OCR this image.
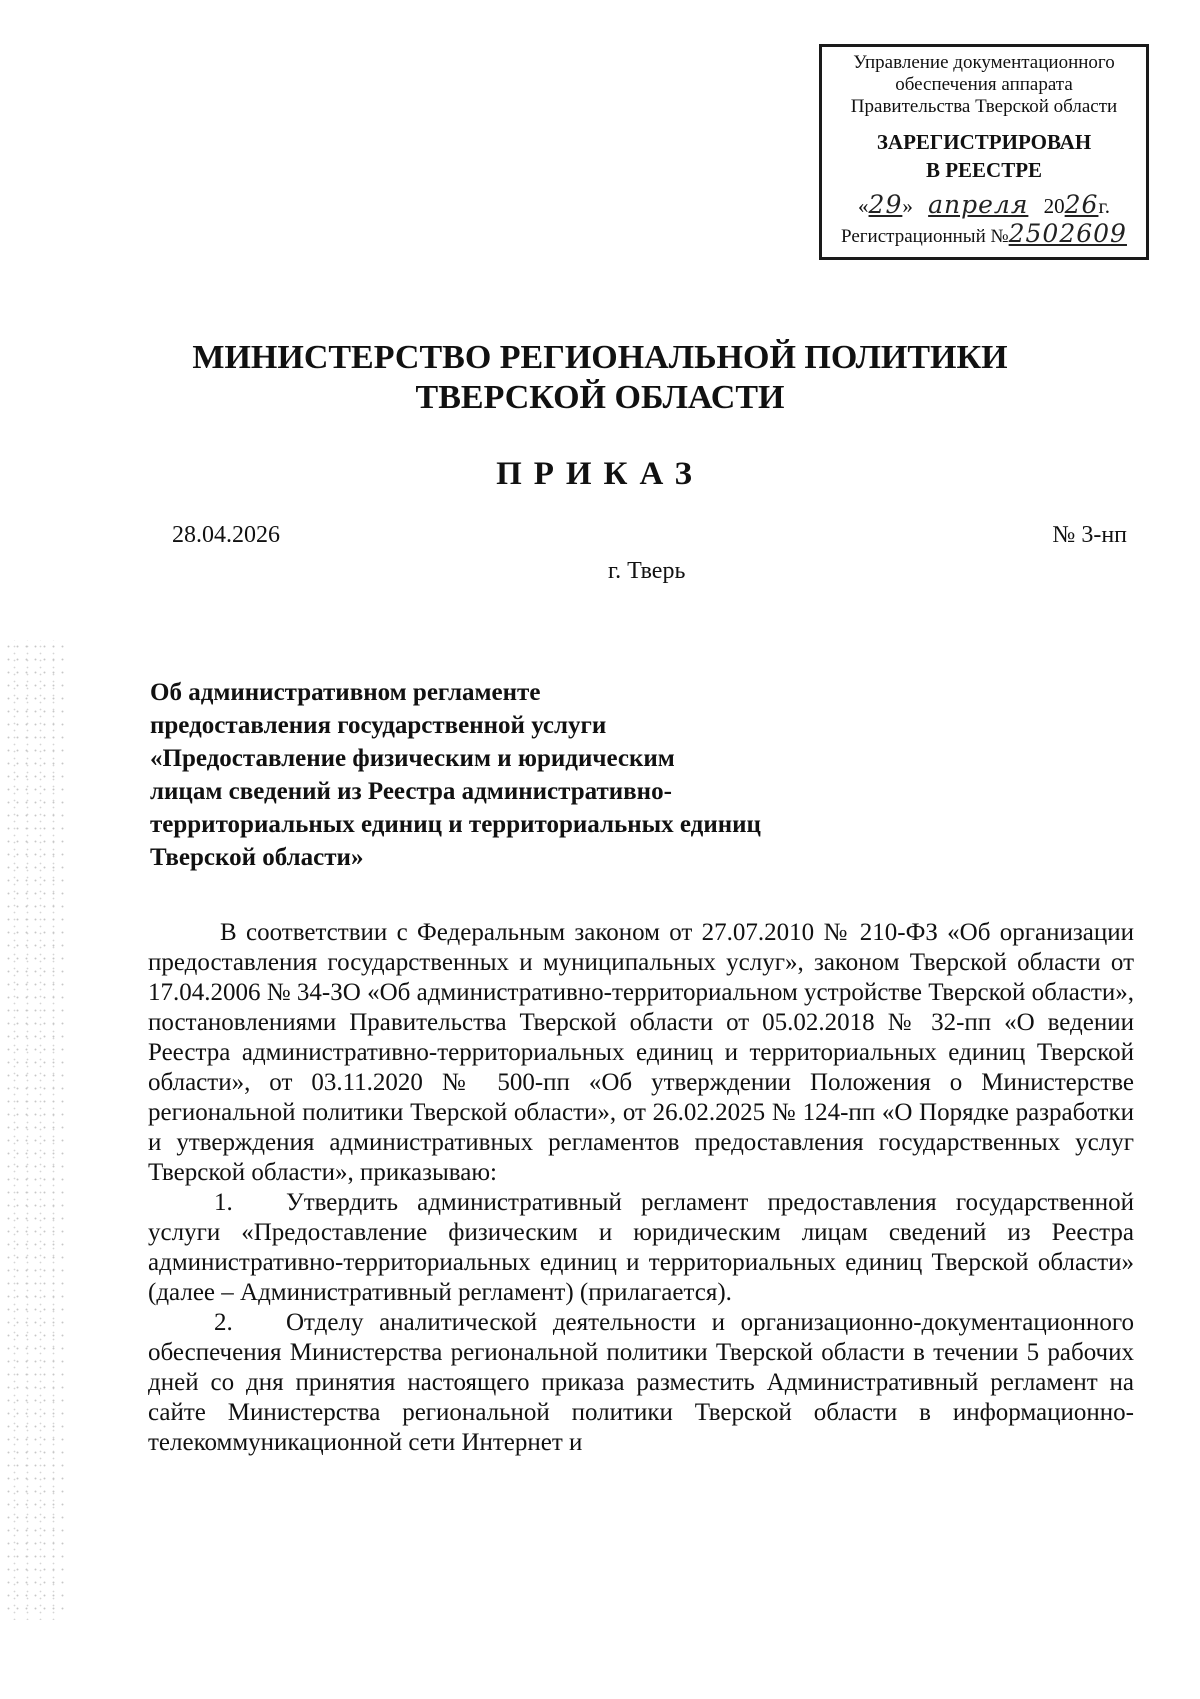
Управление документационного
обеспечения аппарата
Правительства Тверской области
ЗАРЕГИСТРИРОВАН
В РЕЕСТРЕ
«29» апреля 2026г.
Регистрационный №2502609
МИНИСТЕРСТВО РЕГИОНАЛЬНОЙ ПОЛИТИКИ
ТВЕРСКОЙ ОБЛАСТИ
ПРИКАЗ
28.04.2026	№ 3-нп
г. Тверь
Об административном регламенте
предоставления государственной услуги
«Предоставление физическим и юридическим
лицам сведений из Реестра административно-
территориальных единиц и территориальных единиц
Тверской области»

В соответствии с Федеральным законом от 27.07.2010 № 210-ФЗ «Об организации предоставления государственных и муниципальных услуг», законом Тверской области от 17.04.2006 № 34-ЗО «Об административно-территориальном устройстве Тверской области», постановлениями Правительства Тверской области от 05.02.2018 № 32-пп «О ведении Реестра административно-территориальных единиц и территориальных единиц Тверской области», от 03.11.2020 № 500-пп «Об утверждении Положения о Министерстве региональной политики Тверской области», от 26.02.2025 № 124-пп «О Порядке разработки и утверждения административных регламентов предоставления государственных услуг Тверской области», приказываю:

1. Утвердить административный регламент предоставления государственной услуги «Предоставление физическим и юридическим лицам сведений из Реестра административно-территориальных единиц и территориальных единиц Тверской области» (далее – Административный регламент) (прилагается).

2. Отделу аналитической деятельности и организационно-документационного обеспечения Министерства региональной политики Тверской области в течении 5 рабочих дней со дня принятия настоящего приказа разместить Административный регламент на сайте Министерства региональной политики Тверской области в информационно-телекоммуникационной сети Интернет и
